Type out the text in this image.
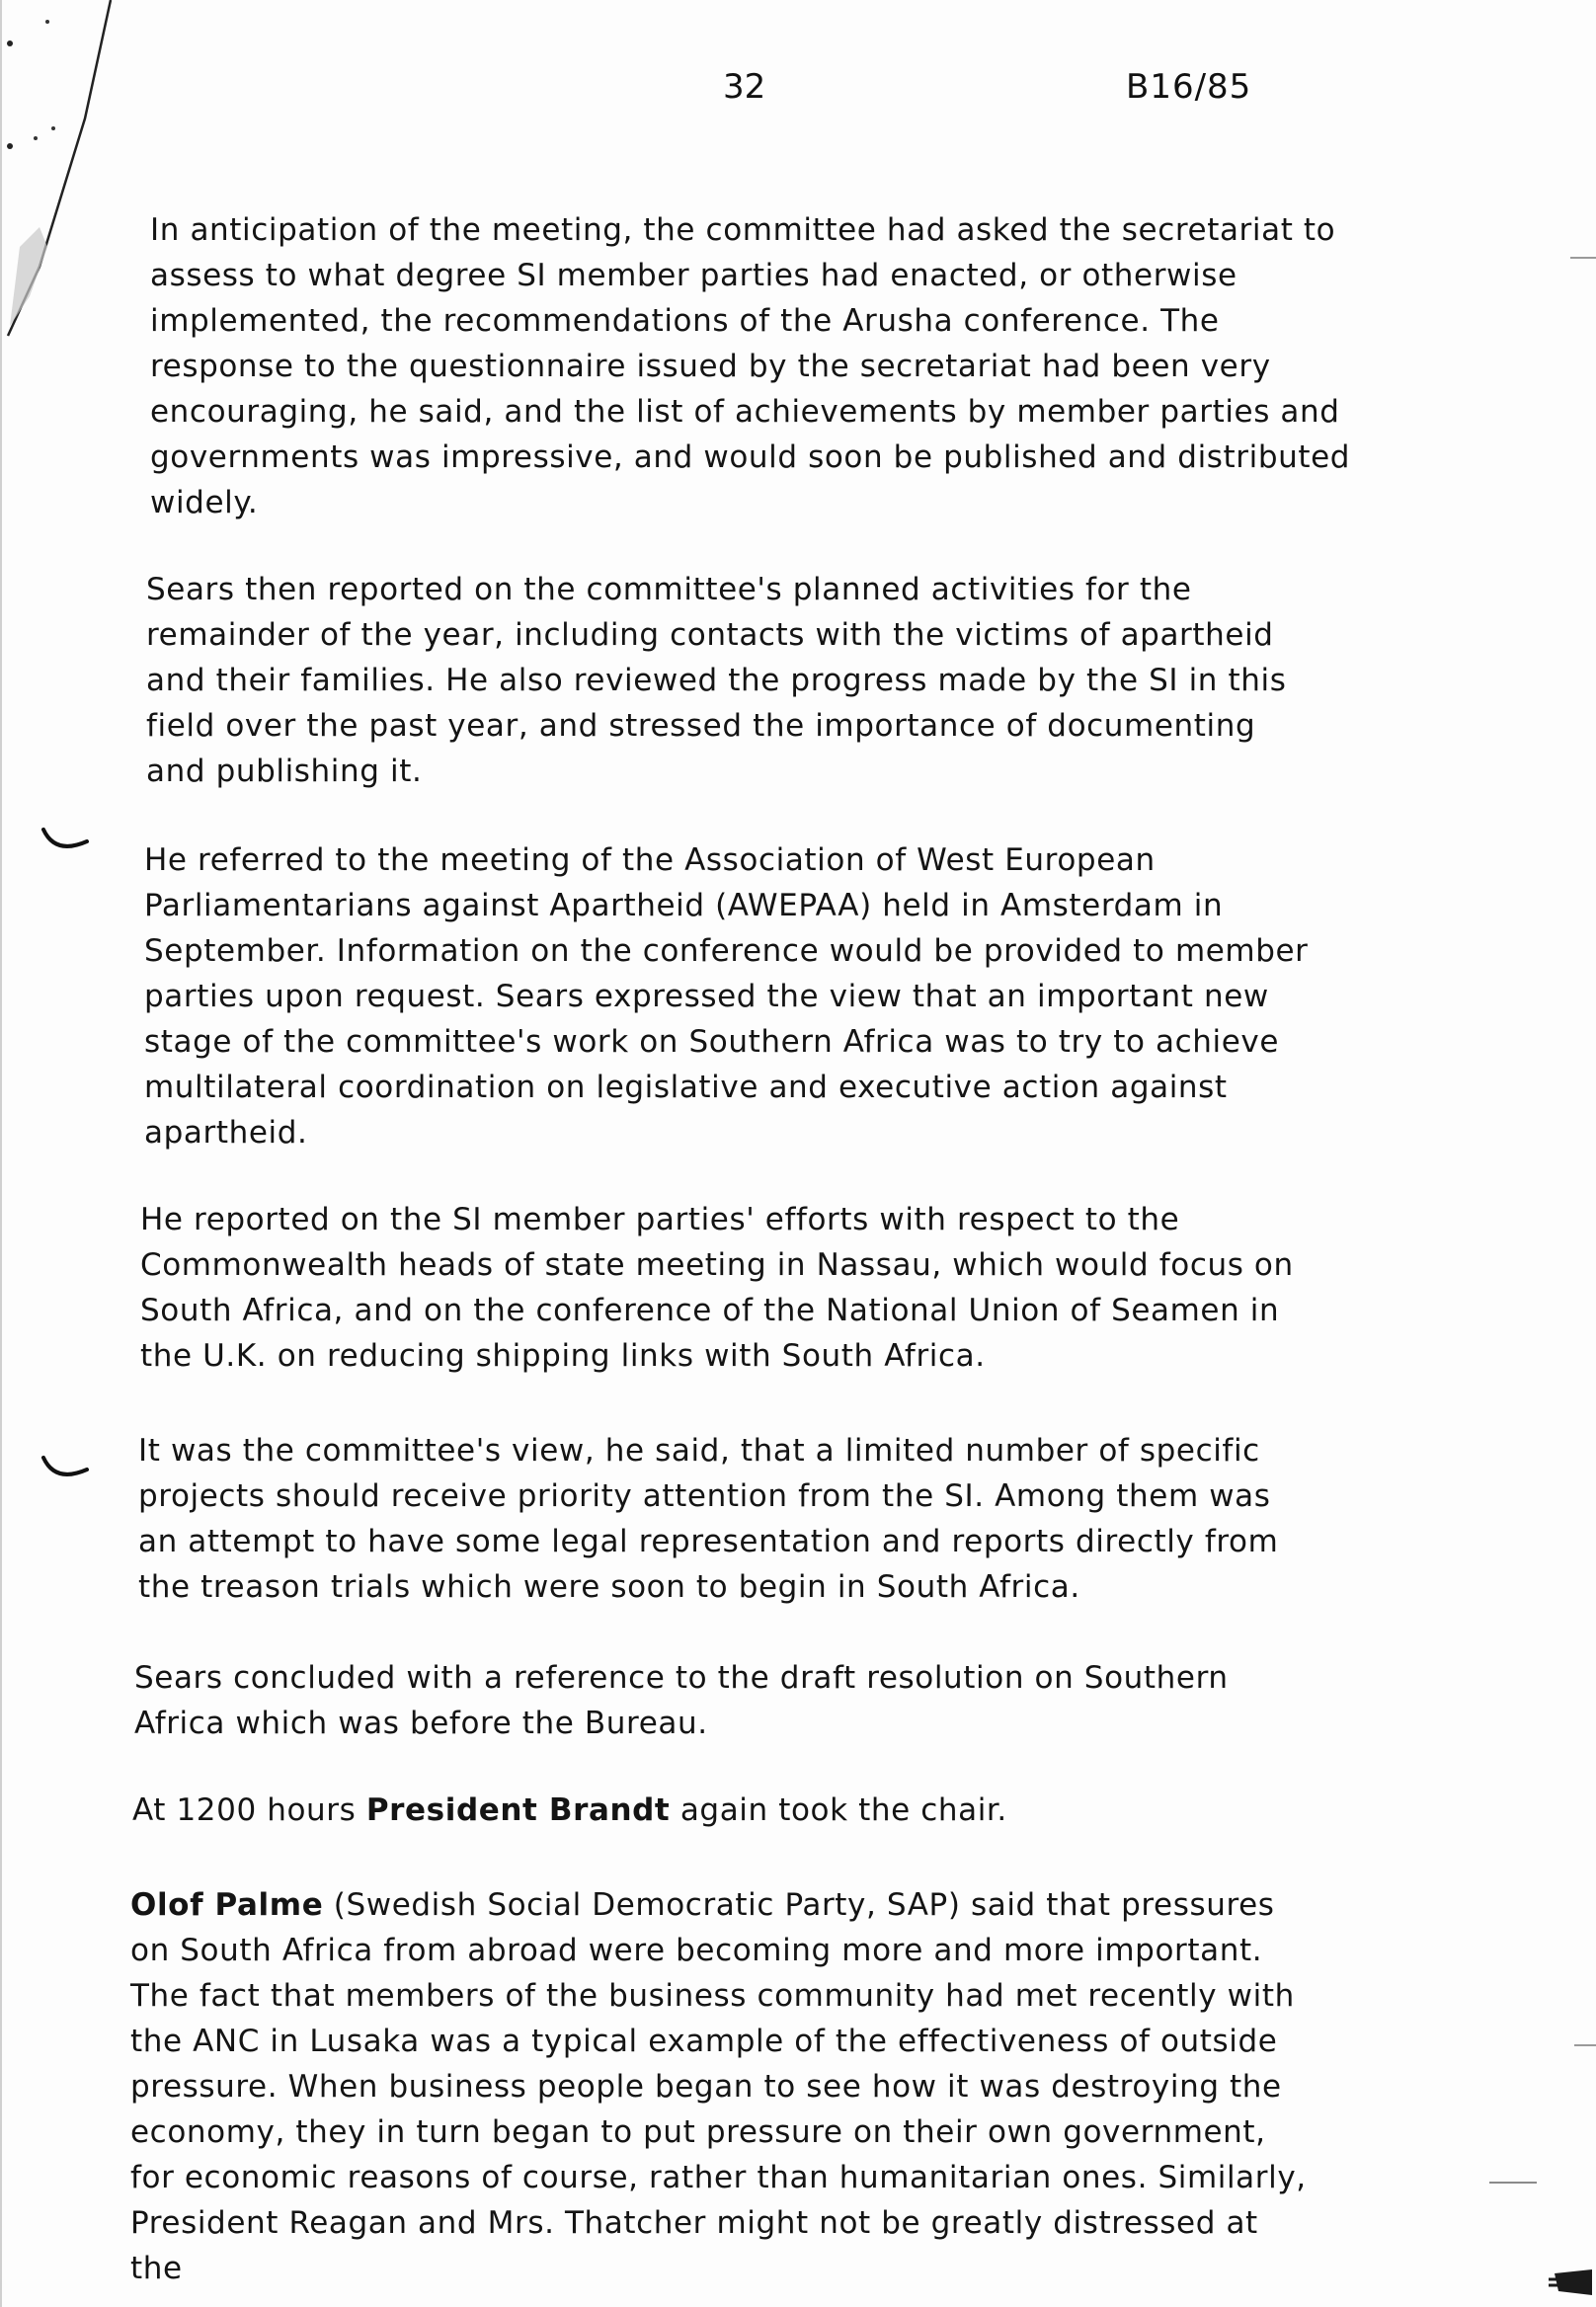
32	B16/85

In anticipation of the meeting, the committee had asked the secretariat to assess to what degree SI member parties had enacted, or otherwise implemented, the recommendations of the Arusha conference. The response to the questionnaire issued by the secretariat had been very encouraging, he said, and the list of achievements by member parties and governments was impressive, and would soon be published and distributed widely.

Sears then reported on the committee's planned activities for the remainder of the year, including contacts with the victims of apartheid and their families. He also reviewed the progress made by the SI in this field over the past year, and stressed the importance of documenting and publishing it.

He referred to the meeting of the Association of West European Parliamentarians against Apartheid (AWEPAA) held in Amsterdam in September. Information on the conference would be provided to member parties upon request. Sears expressed the view that an important new stage of the committee's work on Southern Africa was to try to achieve multilateral coordination on legislative and executive action against apartheid.

He reported on the SI member parties' efforts with respect to the Commonwealth heads of state meeting in Nassau, which would focus on South Africa, and on the conference of the National Union of Seamen in the U.K. on reducing shipping links with South Africa.

It was the committee's view, he said, that a limited number of specific projects should receive priority attention from the SI. Among them was an attempt to have some legal representation and reports directly from the treason trials which were soon to begin in South Africa.

Sears concluded with a reference to the draft resolution on Southern Africa which was before the Bureau.

At 1200 hours President Brandt again took the chair.

Olof Palme (Swedish Social Democratic Party, SAP) said that pressures on South Africa from abroad were becoming more and more important. The fact that members of the business community had met recently with the ANC in Lusaka was a typical example of the effectiveness of outside pressure. When business people began to see how it was destroying the economy, they in turn began to put pressure on their own government, for economic reasons of course, rather than humanitarian ones. Similarly, President Reagan and Mrs. Thatcher might not be greatly distressed at the
